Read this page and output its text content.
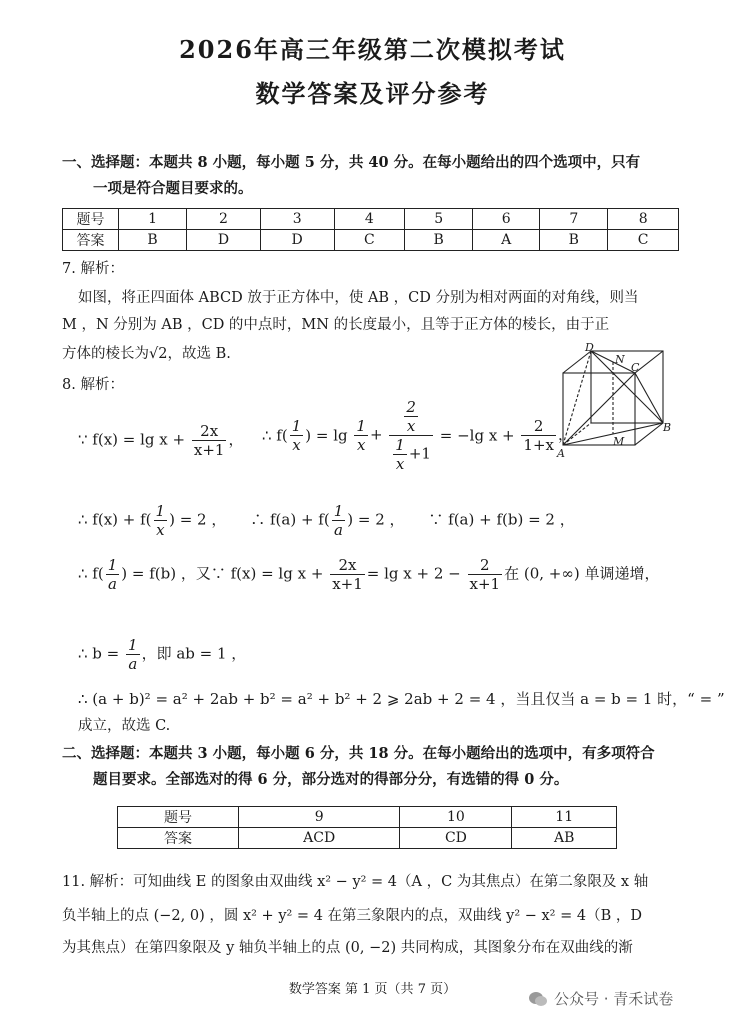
2026年高三年级第二次模拟考试
数学答案及评分参考
一、选择题：本题共 8 小题，每小题 5 分，共 40 分。在每小题给出的四个选项中，只有
一项是符合题目要求的。
题号	1	2	3	4	5	6	7	8
答案	B	D	D	C	B	A	B	C
7. 解析：
如图，将正四面体 ABCD 放于正方体中，使 AB ，CD 分别为相对两面的对角线，则当
M ，N 分别为 AB ，CD 的中点时，MN 的长度最小，且等于正方体的棱长，由于正
方体的棱长为√2，故选 B.	D
N
C
B
M
A
8. 解析：
∵ $f(x) = \lg x + \frac{2x}{x+1}$ ， ∴ $f( \frac{1}{x}$ ) = $\lg \frac{1}{x} + \frac{\frac{2}{x}}{\frac{1}{x} +1} = -\lg$ $x + \frac{2}{1+x}$ ，
∴ $f(x) + f( \frac{1}{x}$ ) = 2 ， ∴ $f(a) + f( \frac{1}{a}$ ) = 2 ， ∵ f(a) + f(b) = 2 ，
∴ $f( \frac{1}{a}$ ) = f(b) ，又∵ $f(x) = \lg x + \frac{2x}{x+1} = \lg x + 2 - \frac{2}{x+1}$ 在 (0, +∞) 单调递增，
∴ $b = \frac{1}{a}$ ，即 ab = 1 ，
∴ (a + b)² = a² + 2ab + b² = a² + b² + 2 ⩾ 2ab + 2 = 4 ，当且仅当 a = b = 1 时，“ = ”
成立，故选 C.
二、选择题：本题共 3 小题，每小题 6 分，共 18 分。在每小题给出的选项中，有多项符合
题目要求。全部选对的得 6 分，部分选对的得部分分，有选错的得 0 分。
题号	9	10	11
答案	ACD	CD	AB
11. 解析：可知曲线 E 的图象由双曲线 x² − y² = 4（A ，C 为其焦点）在第二象限及 x 轴
负半轴上的点 (−2, 0) ，圆 x² + y² = 4 在第三象限内的点，双曲线 y² − x² = 4（B ，D
为其焦点）在第四象限及 y 轴负半轴上的点 (0, −2) 共同构成，其图象分布在双曲线的渐
数学答案 第 1 页（共 7 页）
公众号 · 青禾试卷
